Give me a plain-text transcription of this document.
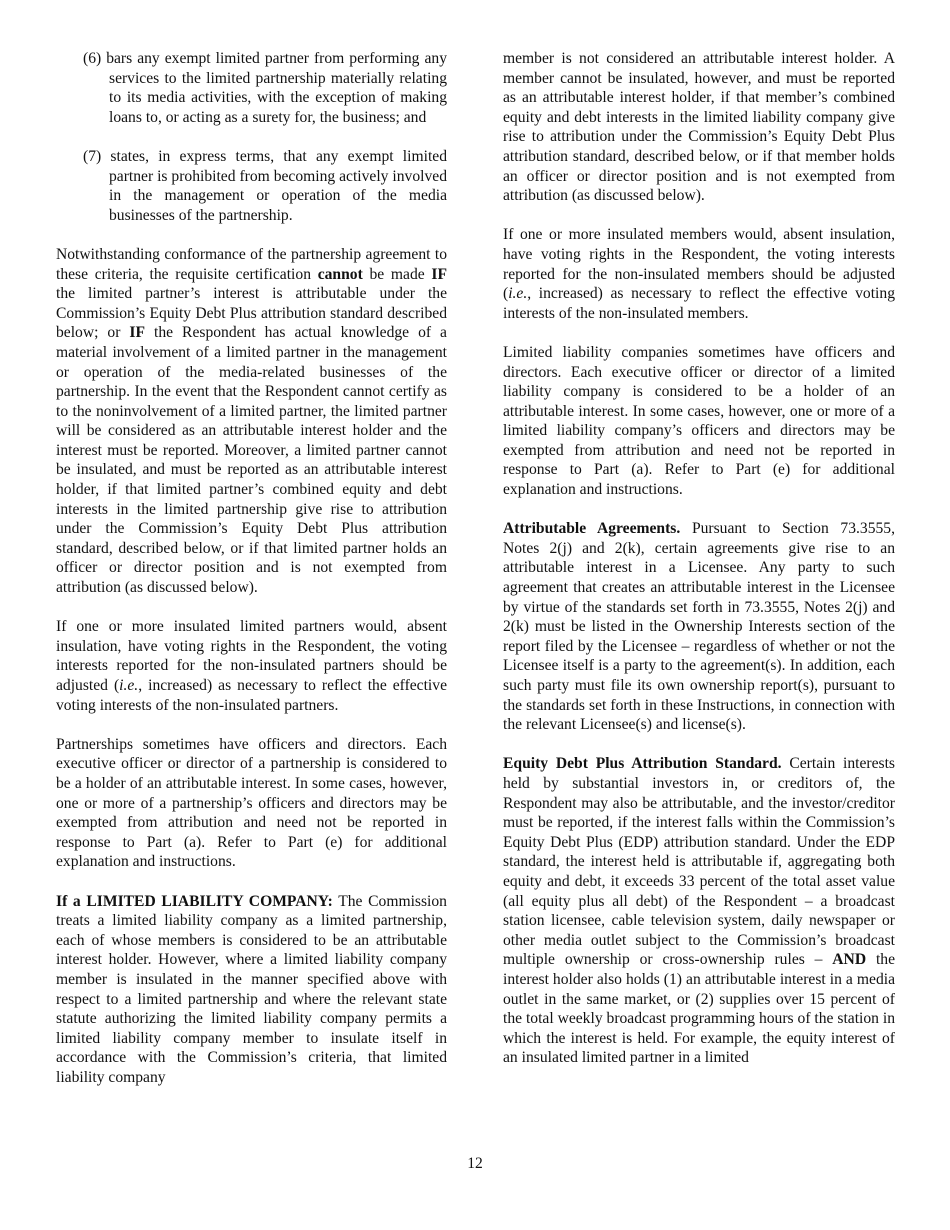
(6) bars any exempt limited partner from performing any services to the limited partnership materially relating to its media activities, with the exception of making loans to, or acting as a surety for, the business; and
(7) states, in express terms, that any exempt limited partner is prohibited from becoming actively involved in the management or operation of the media businesses of the partnership.

Notwithstanding conformance of the partnership agreement to these criteria, the requisite certification cannot be made IF the limited partner’s interest is attributable under the Commission’s Equity Debt Plus attribution standard described below; or IF the Respondent has actual knowledge of a material involvement of a limited partner in the management or operation of the media-related businesses of the partnership. In the event that the Respondent cannot certify as to the noninvolvement of a limited partner, the limited partner will be considered as an attributable interest holder and the interest must be reported. Moreover, a limited partner cannot be insulated, and must be reported as an attributable interest holder, if that limited partner’s combined equity and debt interests in the limited partnership give rise to attribution under the Commission’s Equity Debt Plus attribution standard, described below, or if that limited partner holds an officer or director position and is not exempted from attribution (as discussed below).

If one or more insulated limited partners would, absent insulation, have voting rights in the Respondent, the voting interests reported for the non-insulated partners should be adjusted (i.e., increased) as necessary to reflect the effective voting interests of the non-insulated partners.

Partnerships sometimes have officers and directors. Each executive officer or director of a partnership is considered to be a holder of an attributable interest. In some cases, however, one or more of a partnership’s officers and directors may be exempted from attribution and need not be reported in response to Part (a). Refer to Part (e) for additional explanation and instructions.

If a LIMITED LIABILITY COMPANY: The Commission treats a limited liability company as a limited partnership, each of whose members is considered to be an attributable interest holder. However, where a limited liability company member is insulated in the manner specified above with respect to a limited partnership and where the relevant state statute authorizing the limited liability company permits a limited liability company member to insulate itself in accordance with the Commission’s criteria, that limited liability company

member is not considered an attributable interest holder. A member cannot be insulated, however, and must be reported as an attributable interest holder, if that member’s combined equity and debt interests in the limited liability company give rise to attribution under the Commission’s Equity Debt Plus attribution standard, described below, or if that member holds an officer or director position and is not exempted from attribution (as discussed below).

If one or more insulated members would, absent insulation, have voting rights in the Respondent, the voting interests reported for the non-insulated members should be adjusted (i.e., increased) as necessary to reflect the effective voting interests of the non-insulated members.

Limited liability companies sometimes have officers and directors. Each executive officer or director of a limited liability company is considered to be a holder of an attributable interest. In some cases, however, one or more of a limited liability company’s officers and directors may be exempted from attribution and need not be reported in response to Part (a). Refer to Part (e) for additional explanation and instructions.

Attributable Agreements. Pursuant to Section 73.3555, Notes 2(j) and 2(k), certain agreements give rise to an attributable interest in a Licensee. Any party to such agreement that creates an attributable interest in the Licensee by virtue of the standards set forth in 73.3555, Notes 2(j) and 2(k) must be listed in the Ownership Interests section of the report filed by the Licensee – regardless of whether or not the Licensee itself is a party to the agreement(s). In addition, each such party must file its own ownership report(s), pursuant to the standards set forth in these Instructions, in connection with the relevant Licensee(s) and license(s).

Equity Debt Plus Attribution Standard. Certain interests held by substantial investors in, or creditors of, the Respondent may also be attributable, and the investor/creditor must be reported, if the interest falls within the Commission’s Equity Debt Plus (EDP) attribution standard. Under the EDP standard, the interest held is attributable if, aggregating both equity and debt, it exceeds 33 percent of the total asset value (all equity plus all debt) of the Respondent – a broadcast station licensee, cable television system, daily newspaper or other media outlet subject to the Commission’s broadcast multiple ownership or cross-ownership rules – AND the interest holder also holds (1) an attributable interest in a media outlet in the same market, or (2) supplies over 15 percent of the total weekly broadcast programming hours of the station in which the interest is held. For example, the equity interest of an insulated limited partner in a limited

12
